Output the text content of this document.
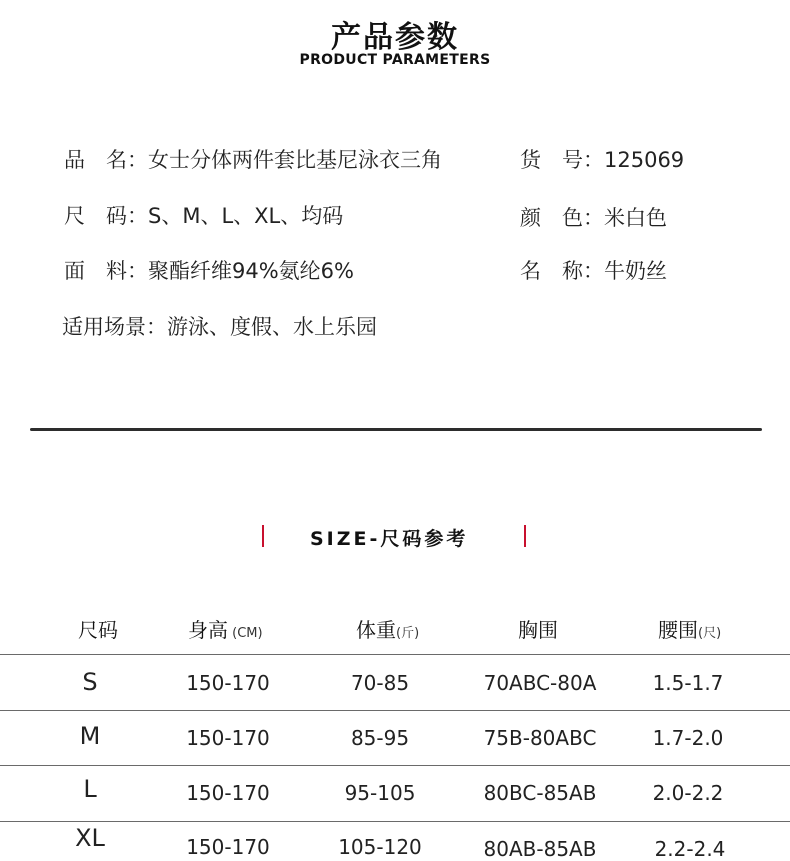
产品参数
PRODUCT PARAMETERS
品　名：女士分体两件套比基尼泳衣三角	货　号：125069
尺　码：S、M、L、XL、均码	颜　色：米白色
面　料：聚酯纤维94%氨纶6%	名　称：牛奶丝
适用场景：游泳、度假、水上乐园
SIZE-尺码参考
尺码	身高 (CM)	体重(斤)	胸围	腰围(尺)
S	150-170	70-85	70ABC-80A	1.5-1.7
M	150-170	85-95	75B-80ABC	1.7-2.0
L	150-170	95-105	80BC-85AB	2.0-2.2
XL	150-170	105-120	80AB-85AB	2.2-2.4
